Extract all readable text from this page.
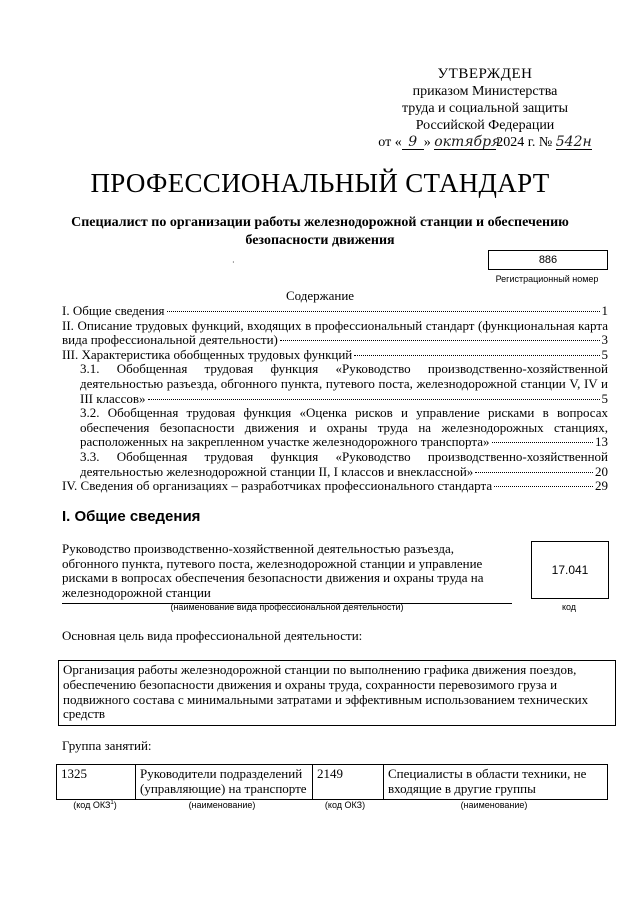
УТВЕРЖДЕН
приказом Министерства
труда и социальной защиты
Российской Федерации
от « 9 » октября2024 г. № 542н
ПРОФЕССИОНАЛЬНЫЙ СТАНДАРТ
Специалист по организации работы железнодорожной станции и обеспечению безопасности движения
·	886
Регистрационный номер
Содержание
I. Общие сведения	1
II. Описание трудовых функций, входящих в профессиональный стандарт (функциональная карта
вида профессиональной деятельности)	3
III. Характеристика обобщенных трудовых функций	5
3.1. Обобщенная трудовая функция «Руководство производственно-хозяйственной
деятельностью разъезда, обгонного пункта, путевого поста, железнодорожной станции V, IV и
III классов»	5
3.2. Обобщенная трудовая функция «Оценка рисков и управление рисками в вопросах
обеспечения безопасности движения и охраны труда на железнодорожных станциях,
расположенных на закрепленном участке железнодорожного транспорта»	13
3.3. Обобщенная трудовая функция «Руководство производственно-хозяйственной
деятельностью железнодорожной станции II, I классов и внеклассной»	20
IV. Сведения об организациях – разработчиках профессионального стандарта	29
I. Общие сведения
Руководство производственно-хозяйственной деятельностью разъезда, обгонного пункта, путевого поста, железнодорожной станции и управление рисками в вопросах обеспечения безопасности движения и охраны труда на железнодорожной станции
17.041
(наименование вида профессиональной деятельности)	код
Основная цель вида профессиональной деятельности:
Организация работы железнодорожной станции по выполнению графика движения поездов, обеспечению безопасности движения и охраны труда, сохранности перевозимого груза и подвижного состава с минимальными затратами и эффективным использованием технических средств
Группа занятий:
1325	Руководители подразделений (управляющие) на транспорте	2149	Специалисты в области техники, не входящие в другие группы
(код ОКЗ$^1$)	(наименование)	(код ОКЗ)	(наименование)
